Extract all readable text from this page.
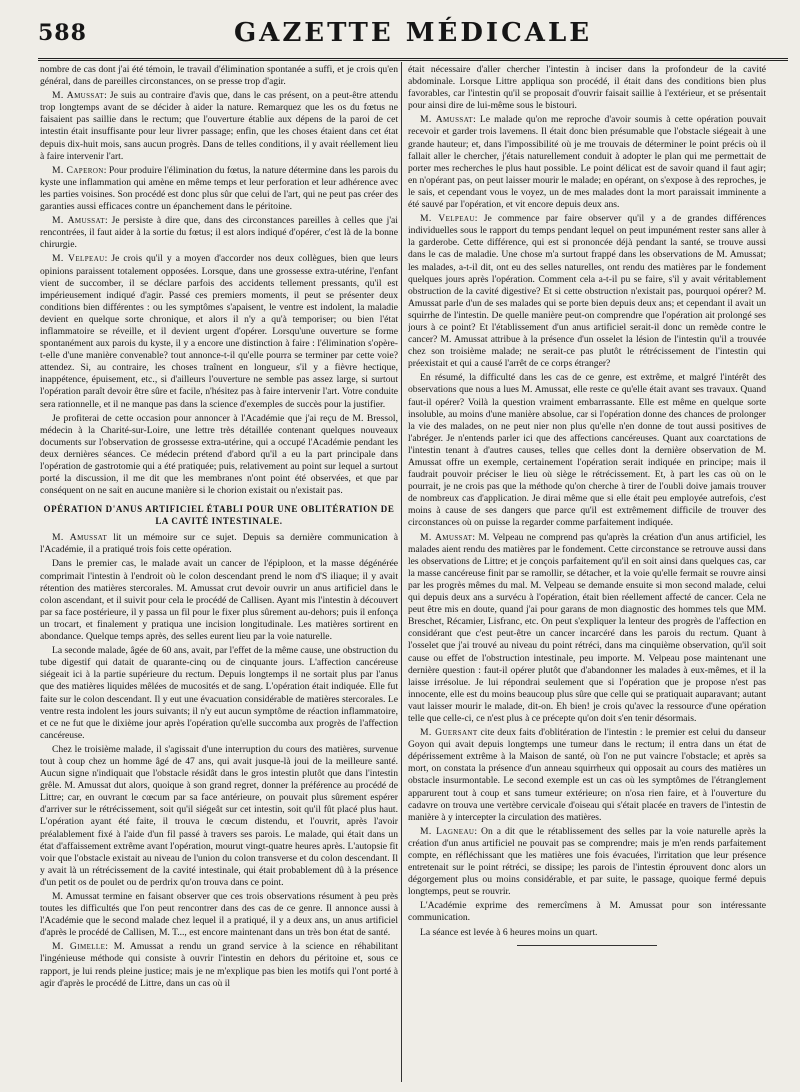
588	GAZETTE MÉDICALE

nombre de cas dont j'ai été témoin, le travail d'élimination spontanée a suffi, et je crois qu'en général, dans de pareilles circonstances, on se presse trop d'agir.

M. Amussat: Je suis au contraire d'avis que, dans le cas présent, on a peut-être attendu trop longtemps avant de se décider à aider la nature. Remarquez que les os du fœtus ne faisaient pas saillie dans le rectum; que l'ouverture établie aux dépens de la paroi de cet intestin était insuffisante pour leur livrer passage; enfin, que les choses étaient dans cet état depuis dix-huit mois, sans aucun progrès. Dans de telles conditions, il y avait réellement lieu à faire intervenir l'art.

M. Caperon: Pour produire l'élimination du fœtus, la nature détermine dans les parois du kyste une inflammation qui amène en même temps et leur perforation et leur adhérence avec les parties voisines. Son procédé est donc plus sûr que celui de l'art, qui ne peut pas créer des garanties aussi efficaces contre un épanchement dans le péritoine.

M. Amussat: Je persiste à dire que, dans des circonstances pareilles à celles que j'ai rencontrées, il faut aider à la sortie du fœtus; il est alors indiqué d'opérer, c'est là de la bonne chirurgie.

M. Velpeau: Je crois qu'il y a moyen d'accorder nos deux collègues, bien que leurs opinions paraissent totalement opposées. Lorsque, dans une grossesse extra-utérine, l'enfant vient de succomber, il se déclare parfois des accidents tellement pressants, qu'il est impérieusement indiqué d'agir. Passé ces premiers moments, il peut se présenter deux conditions bien différentes : ou les symptômes s'apaisent, le ventre est indolent, la maladie devient en quelque sorte chronique, et alors il n'y a qu'à temporiser; ou bien l'état inflammatoire se réveille, et il devient urgent d'opérer. Lorsqu'une ouverture se forme spontanément aux parois du kyste, il y a encore une distinction à faire : l'élimination s'opère-t-elle d'une manière convenable? tout annonce-t-il qu'elle pourra se terminer par cette voie? attendez. Si, au contraire, les choses traînent en longueur, s'il y a fièvre hectique, inappétence, épuisement, etc., si d'ailleurs l'ouverture ne semble pas assez large, si surtout l'opération paraît devoir être sûre et facile, n'hésitez pas à faire intervenir l'art. Votre conduite sera rationnelle, et il ne manque pas dans la science d'exemples de succès pour la justifier.

Je profiterai de cette occasion pour annoncer à l'Académie que j'ai reçu de M. Bressol, médecin à la Charité-sur-Loire, une lettre très détaillée contenant quelques nouveaux documents sur l'observation de grossesse extra-utérine, qui a occupé l'Académie pendant les deux dernières séances. Ce médecin prétend d'abord qu'il a eu la part principale dans l'opération de gastrotomie qui a été pratiquée; puis, relativement au point sur lequel a surtout porté la discussion, il me dit que les membranes n'ont point été observées, et que par conséquent on ne sait en aucune manière si le chorion existait ou n'existait pas.

OPÉRATION D'ANUS ARTIFICIEL ÉTABLI POUR UNE OBLITÉRATION DE LA CAVITÉ INTESTINALE.

M. Amussat lit un mémoire sur ce sujet. Depuis sa dernière communication à l'Académie, il a pratiqué trois fois cette opération.

Dans le premier cas, le malade avait un cancer de l'épiploon, et la masse dégénérée comprimait l'intestin à l'endroit où le colon descendant prend le nom d'S iliaque; il y avait rétention des matières stercorales. M. Amussat crut devoir ouvrir un anus artificiel dans le colon ascendant, et il suivit pour cela le procédé de Callisen. Ayant mis l'intestin à découvert par sa face postérieure, il y passa un fil pour le fixer plus sûrement au-dehors; puis il enfonça un trocart, et finalement y pratiqua une incision longitudinale. Les matières sortirent en abondance. Quelque temps après, des selles eurent lieu par la voie naturelle.

La seconde malade, âgée de 60 ans, avait, par l'effet de la même cause, une obstruction du tube digestif qui datait de quarante-cinq ou de cinquante jours. L'affection cancéreuse siégeait ici à la partie supérieure du rectum. Depuis longtemps il ne sortait plus par l'anus que des matières liquides mêlées de mucosités et de sang. L'opération était indiquée. Elle fut faite sur le colon descendant. Il y eut une évacuation considérable de matières stercorales. Le ventre resta indolent les jours suivants; il n'y eut aucun symptôme de réaction inflammatoire, et ce ne fut que le dixième jour après l'opération qu'elle succomba aux progrès de l'affection cancéreuse.

Chez le troisième malade, il s'agissait d'une interruption du cours des matières, survenue tout à coup chez un homme âgé de 47 ans, qui avait jusque-là joui de la meilleure santé. Aucun signe n'indiquait que l'obstacle résidât dans le gros intestin plutôt que dans l'intestin grêle. M. Amussat dut alors, quoique à son grand regret, donner la préférence au procédé de Littre; car, en ouvrant le cœcum par sa face antérieure, on pouvait plus sûrement espérer d'arriver sur le rétrécissement, soit qu'il siégeât sur cet intestin, soit qu'il fût placé plus haut. L'opération ayant été faite, il trouva le cœcum distendu, et l'ouvrit, après l'avoir préalablement fixé à l'aide d'un fil passé à travers ses parois. Le malade, qui était dans un état d'affaissement extrême avant l'opération, mourut vingt-quatre heures après. L'autopsie fit voir que l'obstacle existait au niveau de l'union du colon transverse et du colon descendant. Il y avait là un rétrécissement de la cavité intestinale, qui était probablement dû à la présence d'un petit os de poulet ou de perdrix qu'on trouva dans ce point.

M. Amussat termine en faisant observer que ces trois observations résument à peu près toutes les difficultés que l'on peut rencontrer dans des cas de ce genre. Il annonce aussi à l'Académie que le second malade chez lequel il a pratiqué, il y a deux ans, un anus artificiel d'après le procédé de Callisen, M. T..., est encore maintenant dans un très bon état de santé.

M. Gimelle: M. Amussat a rendu un grand service à la science en réhabilitant l'ingénieuse méthode qui consiste à ouvrir l'intestin en dehors du péritoine et, sous ce rapport, je lui rends pleine justice; mais je ne m'explique pas bien les motifs qui l'ont porté à agir d'après le procédé de Littre, dans un cas où il

était nécessaire d'aller chercher l'intestin à inciser dans la profondeur de la cavité abdominale. Lorsque Littre appliqua son procédé, il était dans des conditions bien plus favorables, car l'intestin qu'il se proposait d'ouvrir faisait saillie à l'extérieur, et se présentait pour ainsi dire de lui-même sous le bistouri.

M. Amussat: Le malade qu'on me reproche d'avoir soumis à cette opération pouvait recevoir et garder trois lavemens. Il était donc bien présumable que l'obstacle siégeait à une grande hauteur; et, dans l'impossibilité où je me trouvais de déterminer le point précis où il fallait aller le chercher, j'étais naturellement conduit à adopter le plan qui me permettait de porter mes recherches le plus haut possible. Le point délicat est de savoir quand il faut agir; en n'opérant pas, on peut laisser mourir le malade; en opérant, on s'expose à des reproches, je le sais, et cependant vous le voyez, un de mes malades dont la mort paraissait imminente a été sauvé par l'opération, et vit encore depuis deux ans.

M. Velpeau: Je commence par faire observer qu'il y a de grandes différences individuelles sous le rapport du temps pendant lequel on peut impunément rester sans aller à la garderobe. Cette différence, qui est si prononcée déjà pendant la santé, se trouve aussi dans le cas de maladie. Une chose m'a surtout frappé dans les observations de M. Amussat; les malades, a-t-il dit, ont eu des selles naturelles, ont rendu des matières par le fondement quelques jours après l'opération. Comment cela a-t-il pu se faire, s'il y avait véritablement obstruction de la cavité digestive? Et si cette obstruction n'existait pas, pourquoi opérer? M. Amussat parle d'un de ses malades qui se porte bien depuis deux ans; et cependant il avait un squirrhe de l'intestin. De quelle manière peut-on comprendre que l'opération ait prolongé ses jours à ce point? Et l'établissement d'un anus artificiel serait-il donc un remède contre le cancer? M. Amussat attribue à la présence d'un osselet la lésion de l'intestin qu'il a trouvée chez son troisième malade; ne serait-ce pas plutôt le rétrécissement de l'intestin qui préexistait et qui a causé l'arrêt de ce corps étranger?

En résumé, la difficulté dans les cas de ce genre, est extrême, et malgré l'intérêt des observations que nous a lues M. Amussat, elle reste ce qu'elle était avant ses travaux. Quand faut-il opérer? Voilà la question vraiment embarrassante. Elle est même en quelque sorte insoluble, au moins d'une manière absolue, car si l'opération donne des chances de prolonger la vie des malades, on ne peut nier non plus qu'elle n'en donne de tout aussi positives de l'abréger. Je n'entends parler ici que des affections cancéreuses. Quant aux coarctations de l'intestin tenant à d'autres causes, telles que celles dont la dernière observation de M. Amussat offre un exemple, certainement l'opération serait indiquée en principe; mais il faudrait pouvoir préciser le lieu où siège le rétrécissement. Et, à part les cas où on le pourrait, je ne crois pas que la méthode qu'on cherche à tirer de l'oubli doive jamais trouver de nombreux cas d'application. Je dirai même que si elle était peu employée autrefois, c'est moins à cause de ses dangers que parce qu'il est extrêmement difficile de trouver des circonstances où on puisse la regarder comme parfaitement indiquée.

M. Amussat: M. Velpeau ne comprend pas qu'après la création d'un anus artificiel, les malades aient rendu des matières par le fondement. Cette circonstance se retrouve aussi dans les observations de Littre; et je conçois parfaitement qu'il en soit ainsi dans quelques cas, car la masse cancéreuse finit par se ramollir, se détacher, et la voie qu'elle fermait se rouvre ainsi par les progrès mêmes du mal. M. Velpeau se demande ensuite si mon second malade, celui qui depuis deux ans a survécu à l'opération, était bien réellement affecté de cancer. Cela ne peut être mis en doute, quand j'ai pour garans de mon diagnostic des hommes tels que MM. Breschet, Récamier, Lisfranc, etc. On peut s'expliquer la lenteur des progrès de l'affection en considérant que c'est peut-être un cancer incarcéré dans les parois du rectum. Quant à l'osselet que j'ai trouvé au niveau du point rétréci, dans ma cinquième observation, qu'il soit cause ou effet de l'obstruction intestinale, peu importe. M. Velpeau pose maintenant une dernière question : faut-il opérer plutôt que d'abandonner les malades à eux-mêmes, et il la laisse irrésolue. Je lui répondrai seulement que si l'opération que je propose n'est pas innocente, elle est du moins beaucoup plus sûre que celle qui se pratiquait auparavant; autant vaut laisser mourir le malade, dit-on. Eh bien! je crois qu'avec la ressource d'une opération telle que celle-ci, ce n'est plus à ce précepte qu'on doit s'en tenir désormais.

M. Guersant cite deux faits d'oblitération de l'intestin : le premier est celui du danseur Goyon qui avait depuis longtemps une tumeur dans le rectum; il entra dans un état de dépérissement extrême à la Maison de santé, où l'on ne put vaincre l'obstacle; et après sa mort, on constata la présence d'un anneau squirrheux qui opposait au cours des matières un obstacle insurmontable. Le second exemple est un cas où les symptômes de l'étranglement apparurent tout à coup et sans tumeur extérieure; on n'osa rien faire, et à l'ouverture du cadavre on trouva une vertèbre cervicale d'oiseau qui s'était placée en travers de l'intestin de manière à y intercepter la circulation des matières.

M. Lagneau: On a dit que le rétablissement des selles par la voie naturelle après la création d'un anus artificiel ne pouvait pas se comprendre; mais je m'en rends parfaitement compte, en réfléchissant que les matières une fois évacuées, l'irritation que leur présence entretenait sur le point rétréci, se dissipe; les parois de l'intestin éprouvent donc alors un dégorgement plus ou moins considérable, et par suite, le passage, quoique fermé depuis longtemps, peut se rouvrir.

L'Académie exprime des remercîmens à M. Amussat pour son intéressante communication.

La séance est levée à 6 heures moins un quart.
